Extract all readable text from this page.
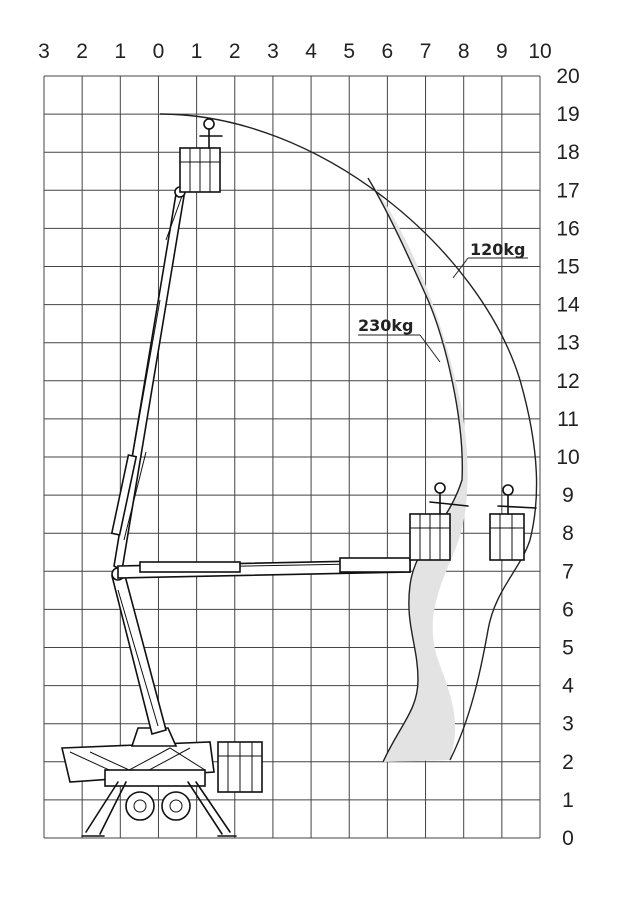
120kg
230kg
3 2 1 0 1 2 3 4 5 6 7 8 9 10
20
19
18
17
16
15
14
13
12
11
10
9
8
7
6
5
4
3
2
1
0
